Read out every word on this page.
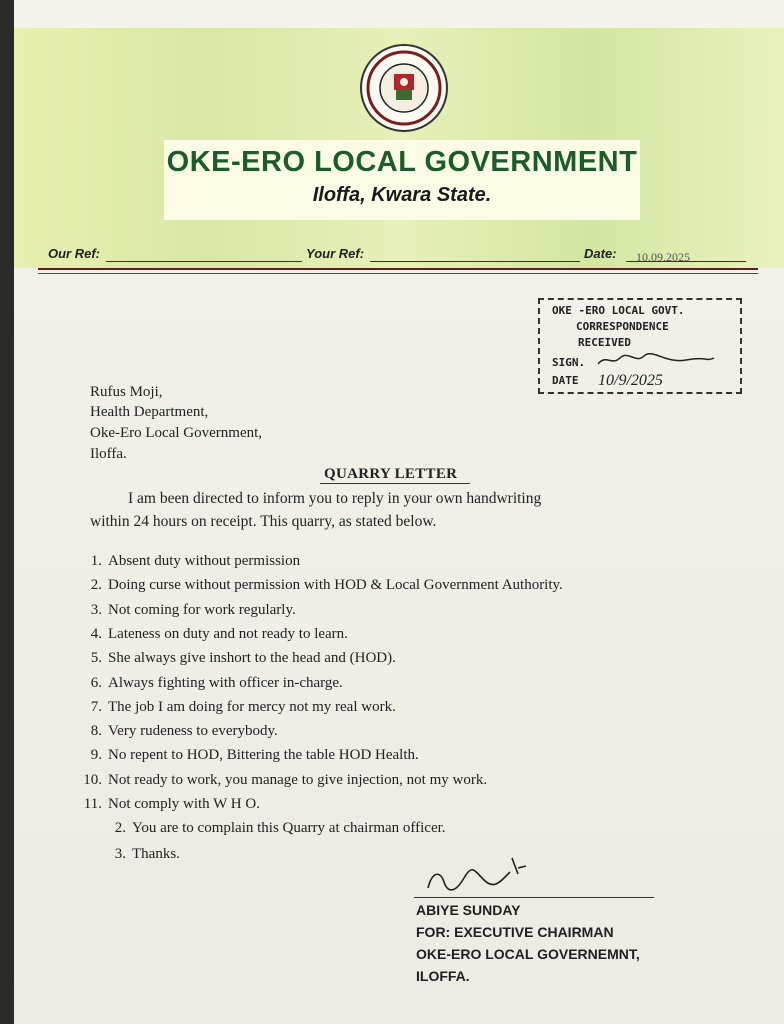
OKE-ERO LOCAL GOVERNMENT
Iloffa, Kwara State.
Our Ref:	Your Ref:	Date: 10.09.2025
OKE -ERO LOCAL GOVT.
CORRESPONDENCE
RECEIVED
SIGN.
DATE 10/9/2025
Rufus Moji,
Health Department,
Oke-Ero Local Government,
Iloffa.
QUARRY LETTER
I am been directed to inform you to reply in your own handwriting
within 24 hours on receipt. This quarry, as stated below.
1. Absent duty without permission
2. Doing curse without permission with HOD & Local Government Authority.
3. Not coming for work regularly.
4. Lateness on duty and not ready to learn.
5. She always give inshort to the head and (HOD).
6. Always fighting with officer in-charge.
7. The job I am doing for mercy not my real work.
8. Very rudeness to everybody.
9. No repent to HOD, Bittering the table HOD Health.
10. Not ready to work, you manage to give injection, not my work.
11. Not comply with W H O.
2. You are to complain this Quarry at chairman officer.
3. Thanks.
ABIYE SUNDAY
FOR: EXECUTIVE CHAIRMAN
OKE-ERO LOCAL GOVERNEMNT,
ILOFFA.
